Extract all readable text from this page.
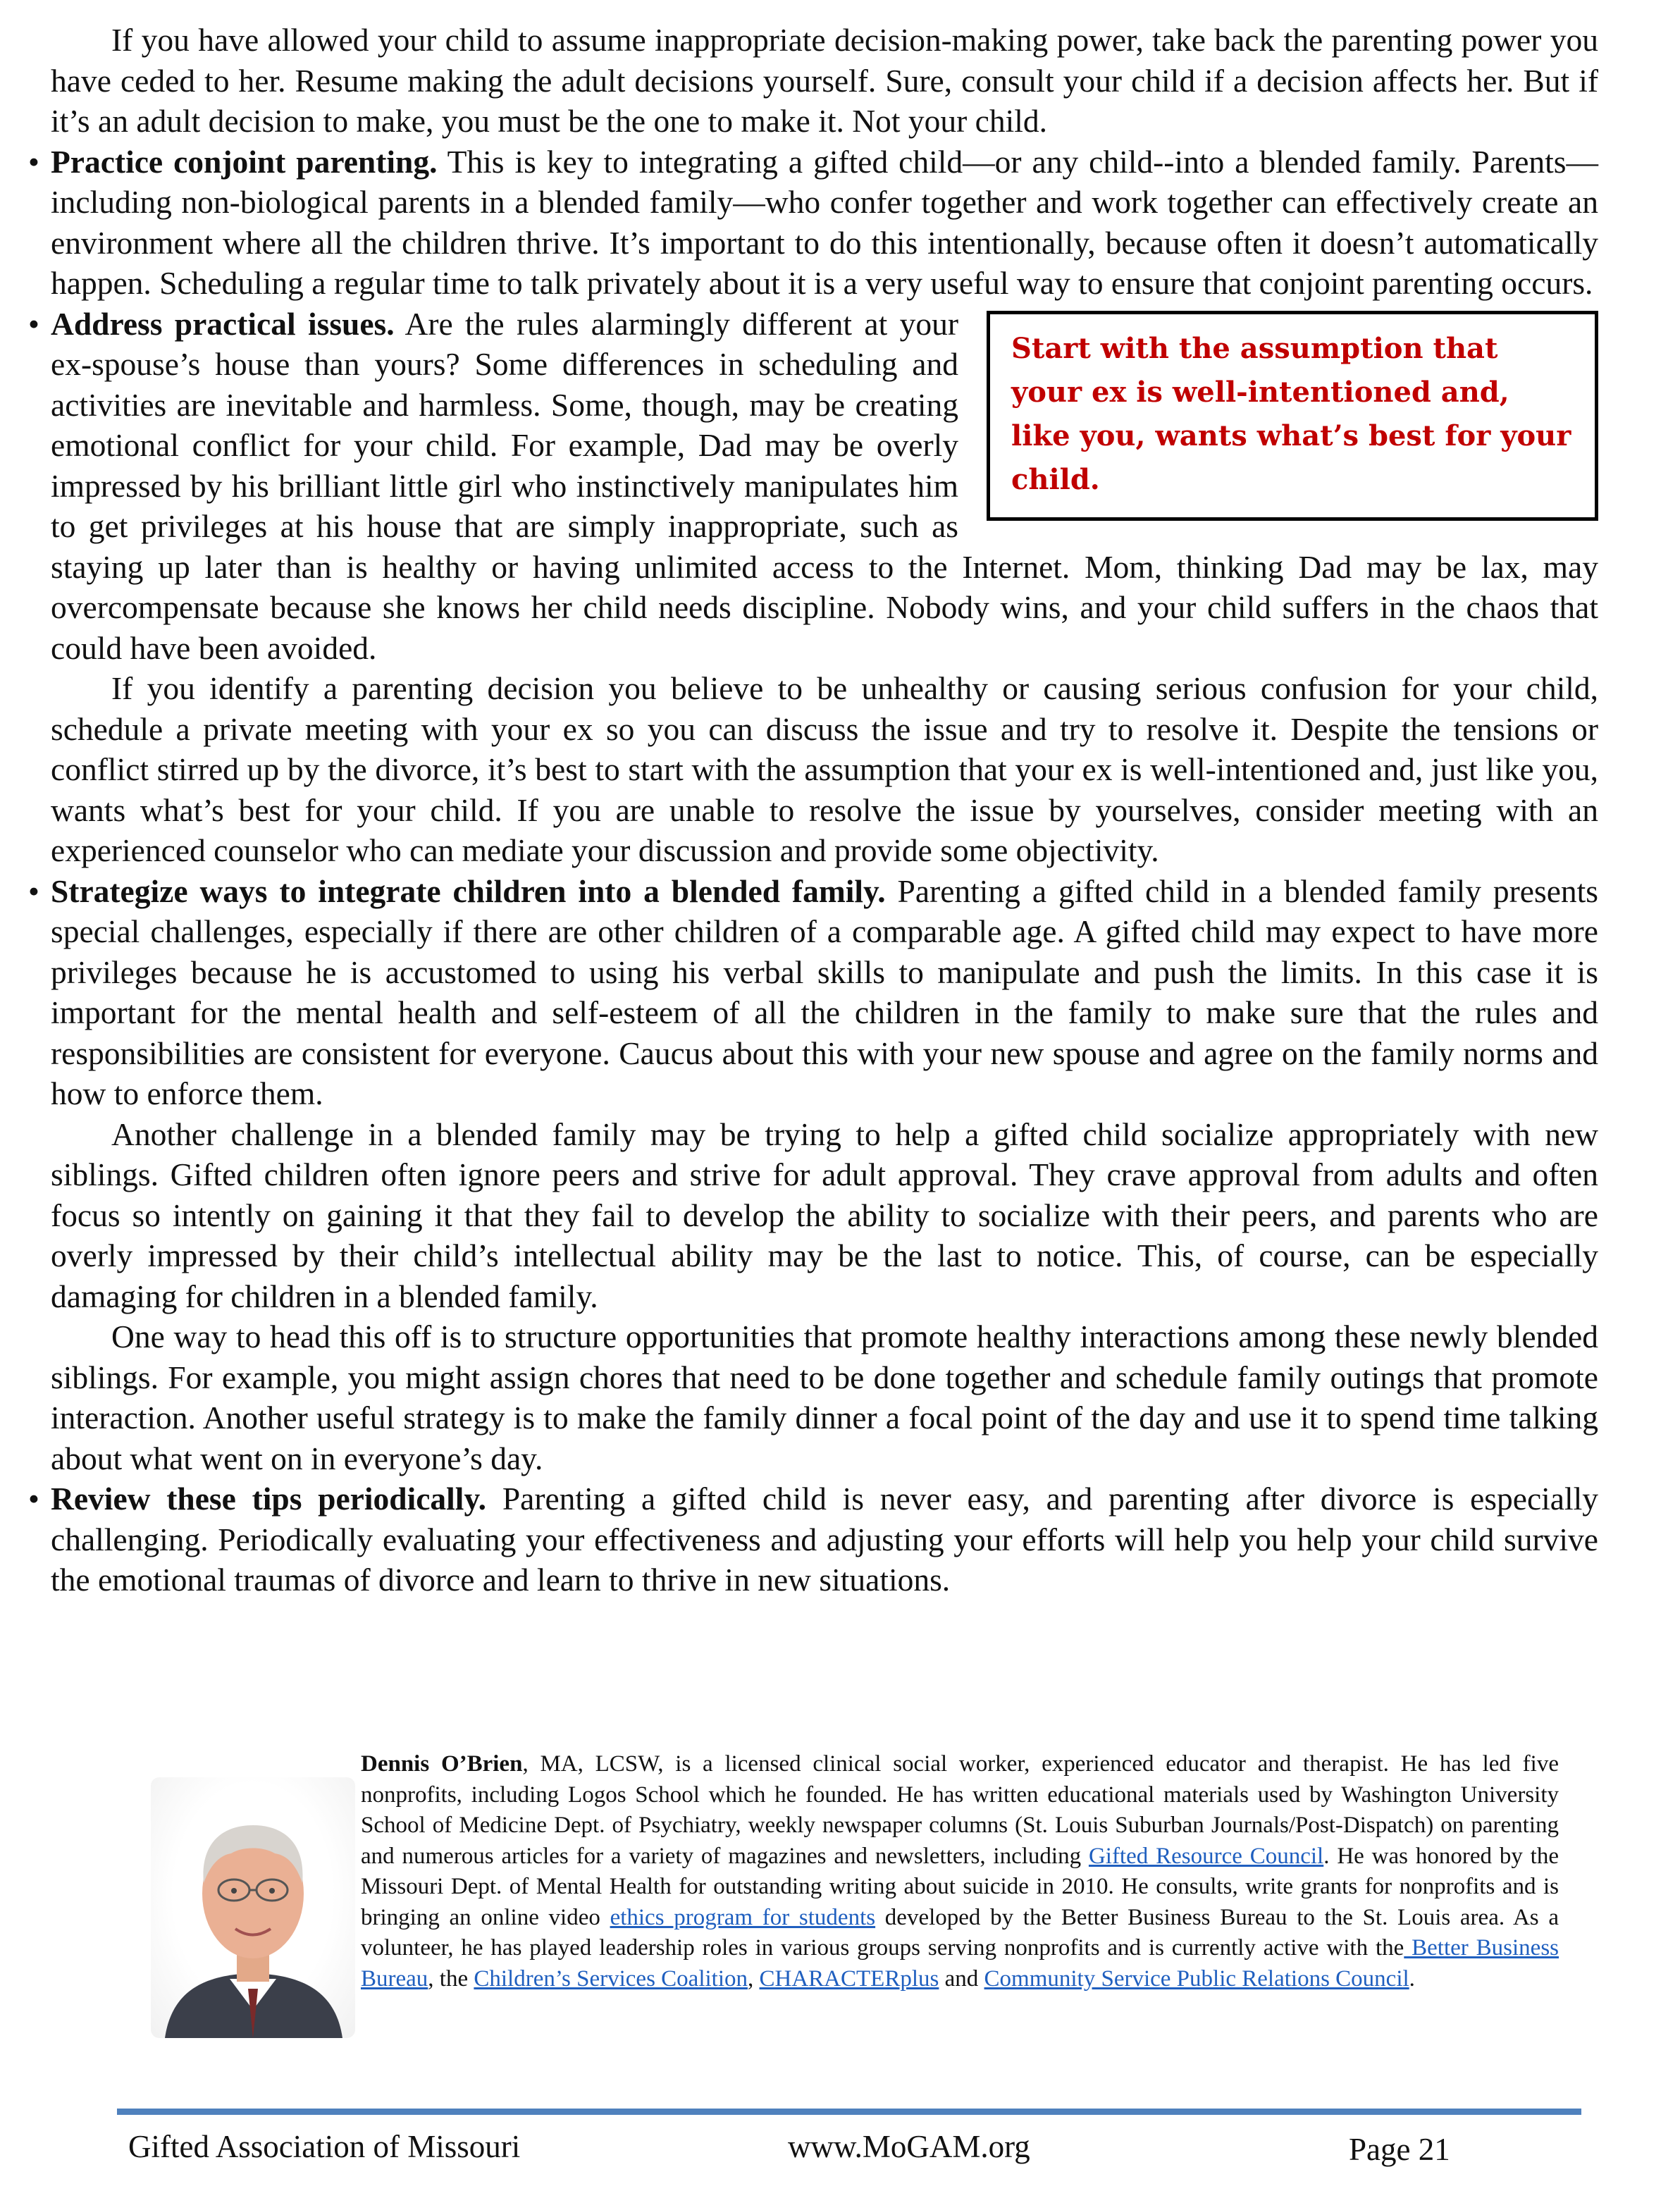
If you have allowed your child to assume inappropriate decision-making power, take back the parenting power you have ceded to her. Resume making the adult decisions yourself. Sure, consult your child if a decision affects her. But if it’s an adult decision to make, you must be the one to make it. Not your child.

• Practice conjoint parenting. This is key to integrating a gifted child—or any child--into a blended family. Parents—including non-biological parents in a blended family—who confer together and work together can effectively create an environment where all the children thrive. It’s important to do this intentionally, because often it doesn’t automatically happen. Scheduling a regular time to talk privately about it is a very useful way to ensure that conjoint parenting occurs.

Start with the assumption that your ex is well-intentioned and, like you, wants what’s best for your child.

• Address practical issues. Are the rules alarmingly different at your ex-spouse’s house than yours? Some differences in scheduling and activities are inevitable and harmless. Some, though, may be creating emotional conflict for your child. For example, Dad may be overly impressed by his brilliant little girl who instinctively manipulates him to get privileges at his house that are simply inappropriate, such as staying up later than is healthy or having unlimited access to the Internet. Mom, thinking Dad may be lax, may overcompensate because she knows her child needs discipline. Nobody wins, and your child suffers in the chaos that could have been avoided.

If you identify a parenting decision you believe to be unhealthy or causing serious confusion for your child, schedule a private meeting with your ex so you can discuss the issue and try to resolve it. Despite the tensions or conflict stirred up by the divorce, it’s best to start with the assumption that your ex is well-intentioned and, just like you, wants what’s best for your child. If you are unable to resolve the issue by yourselves, consider meeting with an experienced counselor who can mediate your discussion and provide some objectivity.

• Strategize ways to integrate children into a blended family. Parenting a gifted child in a blended family presents special challenges, especially if there are other children of a comparable age. A gifted child may expect to have more privileges because he is accustomed to using his verbal skills to manipulate and push the limits. In this case it is important for the mental health and self-esteem of all the children in the family to make sure that the rules and responsibilities are consistent for everyone. Caucus about this with your new spouse and agree on the family norms and how to enforce them.

Another challenge in a blended family may be trying to help a gifted child socialize appropriately with new siblings. Gifted children often ignore peers and strive for adult approval. They crave approval from adults and often focus so intently on gaining it that they fail to develop the ability to socialize with their peers, and parents who are overly impressed by their child’s intellectual ability may be the last to notice. This, of course, can be especially damaging for children in a blended family.

One way to head this off is to structure opportunities that promote healthy interactions among these newly blended siblings. For example, you might assign chores that need to be done together and schedule family outings that promote interaction. Another useful strategy is to make the family dinner a focal point of the day and use it to spend time talking about what went on in everyone’s day.

• Review these tips periodically. Parenting a gifted child is never easy, and parenting after divorce is especially challenging. Periodically evaluating your effectiveness and adjusting your efforts will help you help your child survive the emotional traumas of divorce and learn to thrive in new situations.

Dennis O’Brien, MA, LCSW, is a licensed clinical social worker, experienced educator and therapist. He has led five nonprofits, including Logos School which he founded. He has written educational materials used by Washington University School of Medicine Dept. of Psychiatry, weekly newspaper columns (St. Louis Suburban Journals/Post-Dispatch) on parenting and numerous articles for a variety of magazines and newsletters, including Gifted Resource Council. He was honored by the Missouri Dept. of Mental Health for outstanding writing about suicide in 2010. He consults, write grants for nonprofits and is bringing an online video ethics program for students developed by the Better Business Bureau to the St. Louis area. As a volunteer, he has played leadership roles in various groups serving nonprofits and is currently active with the Better Business Bureau, the Children’s Services Coalition, CHARACTERplus and Community Service Public Relations Council.

Gifted Association of Missouri	www.MoGAM.org	Page 21
